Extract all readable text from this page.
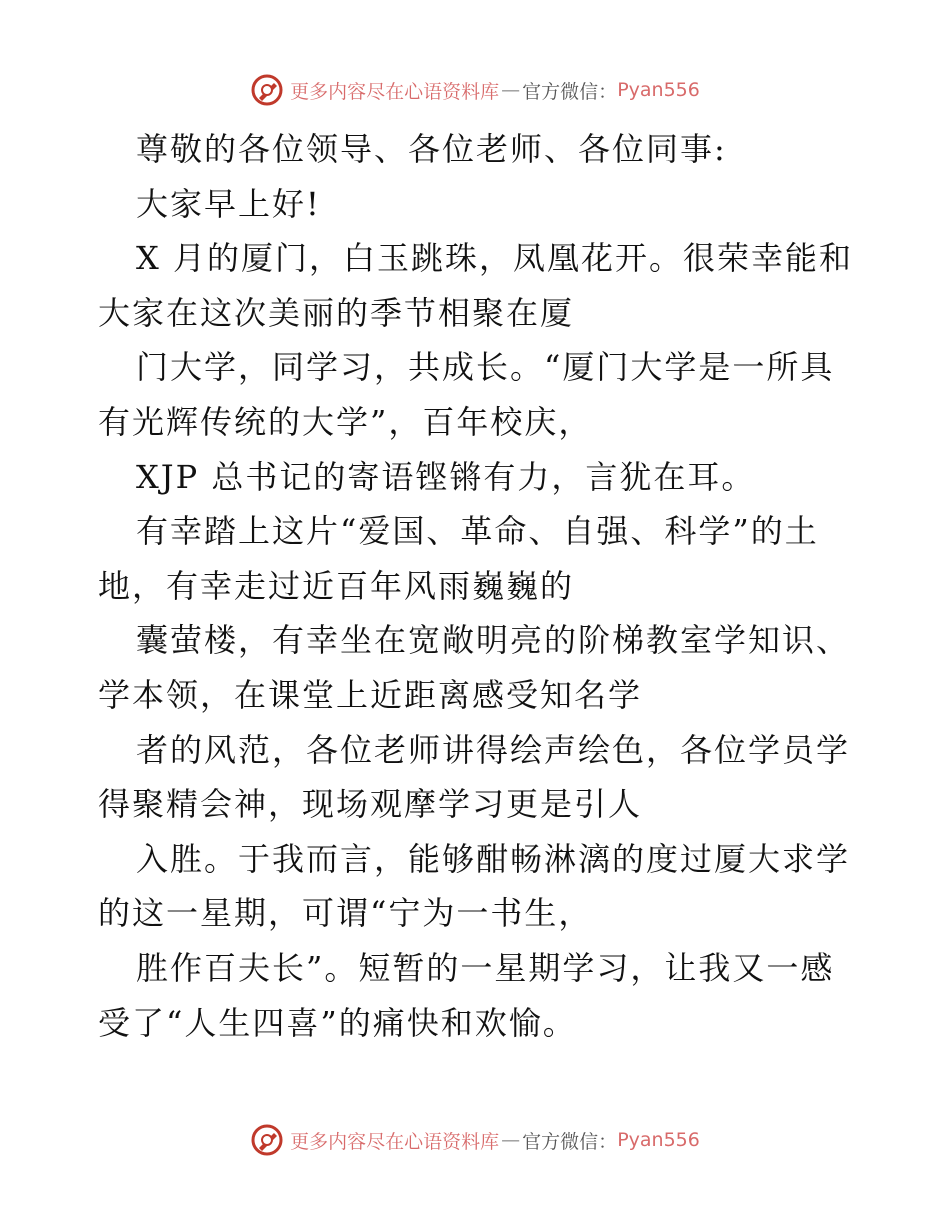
更多内容尽在心语资料库 — 官方微信： Pyan556
尊敬的各位领导、各位老师、各位同事:
大家早上好!
X 月的厦门，白玉跳珠，凤凰花开。很荣幸能和
大家在这次美丽的季节相聚在厦
门大学，同学习，共成长。“厦门大学是一所具
有光辉传统的大学”，百年校庆，
XJP 总书记的寄语铿锵有力，言犹在耳。
有幸踏上这片“爱国、革命、自强、科学”的土
地，有幸走过近百年风雨巍巍的
囊萤楼，有幸坐在宽敞明亮的阶梯教室学知识、
学本领，在课堂上近距离感受知名学
者的风范，各位老师讲得绘声绘色，各位学员学
得聚精会神，现场观摩学习更是引人
入胜。于我而言，能够酣畅淋漓的度过厦大求学
的这一星期，可谓“宁为一书生，
胜作百夫长”。短暂的一星期学习，让我又一感
受了“人生四喜”的痛快和欢愉。
更多内容尽在心语资料库 — 官方微信： Pyan556
